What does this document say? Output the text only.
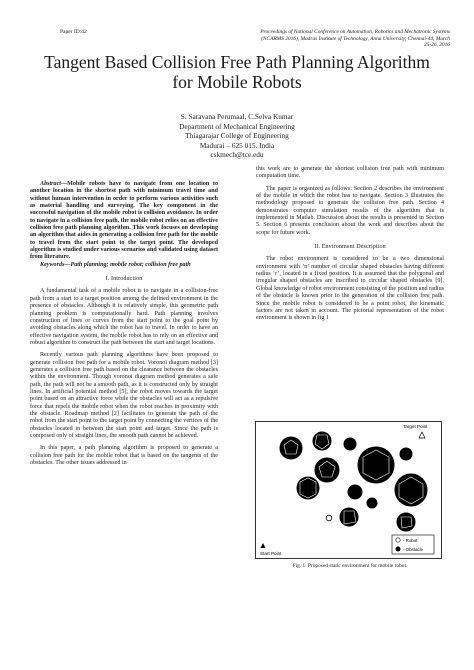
Paper ID:42	Proceedings of National Conference on Automation, Robotics and Mechatronic Systems (NCARMS 2016), Madras Institute of Technology, Anna University, Chennai-44, March 25-26, 2016
Tangent Based Collision Free Path Planning Algorithm for Mobile Robots
S. Saravana Perumaal, C.Selva Kumar
Department of Mechanical Engineering
Thiagarajar College of Engineering
Madurai – 625 015. India
cskmech@tce.edu

Abstract—Mobile robots have to navigate from one location to another location in the shortest path with minimum travel time and without human intervention in order to perform various activities such as material handling and surveying. The key component in the successful navigation of the mobile robot is collision avoidance. In order to navigate in a collision free path, the mobile robot relies on an effective collision free path planning algorithm. This work focuses on developing an algorithm that aides in generating a collision free path for the mobile to travel from the start point to the target point. The developed algorithm is studied under various scenarios and validated using dataset from literature.

Keywords—Path planning; mobile robot; collision free path

I. Introduction

A fundamental task of a mobile robot is to navigate in a collision-free path from a start to a target position among the defined environment in the presence of obstacles. Although it is relatively simple, this geometric path planning problem is computationally hard. Path planning involves construction of lines or curves from the start point to the goal point by avoiding obstacles along which the robot has to travel. In order to have an effective navigation system, the mobile robot has to rely on an effective and robust algorithm to construct the path between the start and target locations.

Recently various path planning algorithms have been proposed to generate collision free path for a mobile robot. Voronoi diagram method [3] generates a collision free path based on the clearance between the obstacles within the environment. Though voronoi diagram method generates a safe path, the path will not be a smooth path, as it is constructed only by straight lines. In artificial potential method [5], the robot moves towards the target point based on an attractive force while the obstacles will act as a repulsive force that repels the mobile robot when the robot reaches in proximity with the obstacle. Roadmap method [2] facilitates to generate the path of the robot from the start point to the target point by connecting the vertices of the obstacles located in between the start point and target. Since the path is composed only of straight lines, the smooth path cannot be achieved.

In this paper, a path planning algorithm is proposed to generate a collision free path for the mobile robot that is based on the tangents of the obstacles. The other issues addressed in

this work are to generate the shortest collision free path with minimum computation time.

The paper is organized as follows: Section 2 describes the environment of the mobile in which the robot has to navigate. Section 3 illustrates the methodology proposed to generate the collision free path. Section 4 demonstrates computer simulation results of the algorithm that is implemented in Matlab. Discussion about the results is presented in Section 5. Section 6 presents conclusion about the work and describes about the scope for future work.

II. Environment Description

The robot environment is considered to be a two dimensional environment with ‘n’ number of circular shaped obstacles having different radius ‘r’, located in a fixed position. It is assumed that the polygonal and irregular shaped obstacles are inscribed to circular shaped obstacles [9]. Global knowledge of robot environment consisting of the position and radius of the obstacle is known prior to the generation of the collision free path. Since the mobile robot is considered to be a point robot, the kinematic factors are not taken in account. The pictorial representation of the robot environment is shown in fig 1

Target Point
Start Point
- Robot
- Obstacle
Fig. 1. Proposed static environment for mobile robot.
